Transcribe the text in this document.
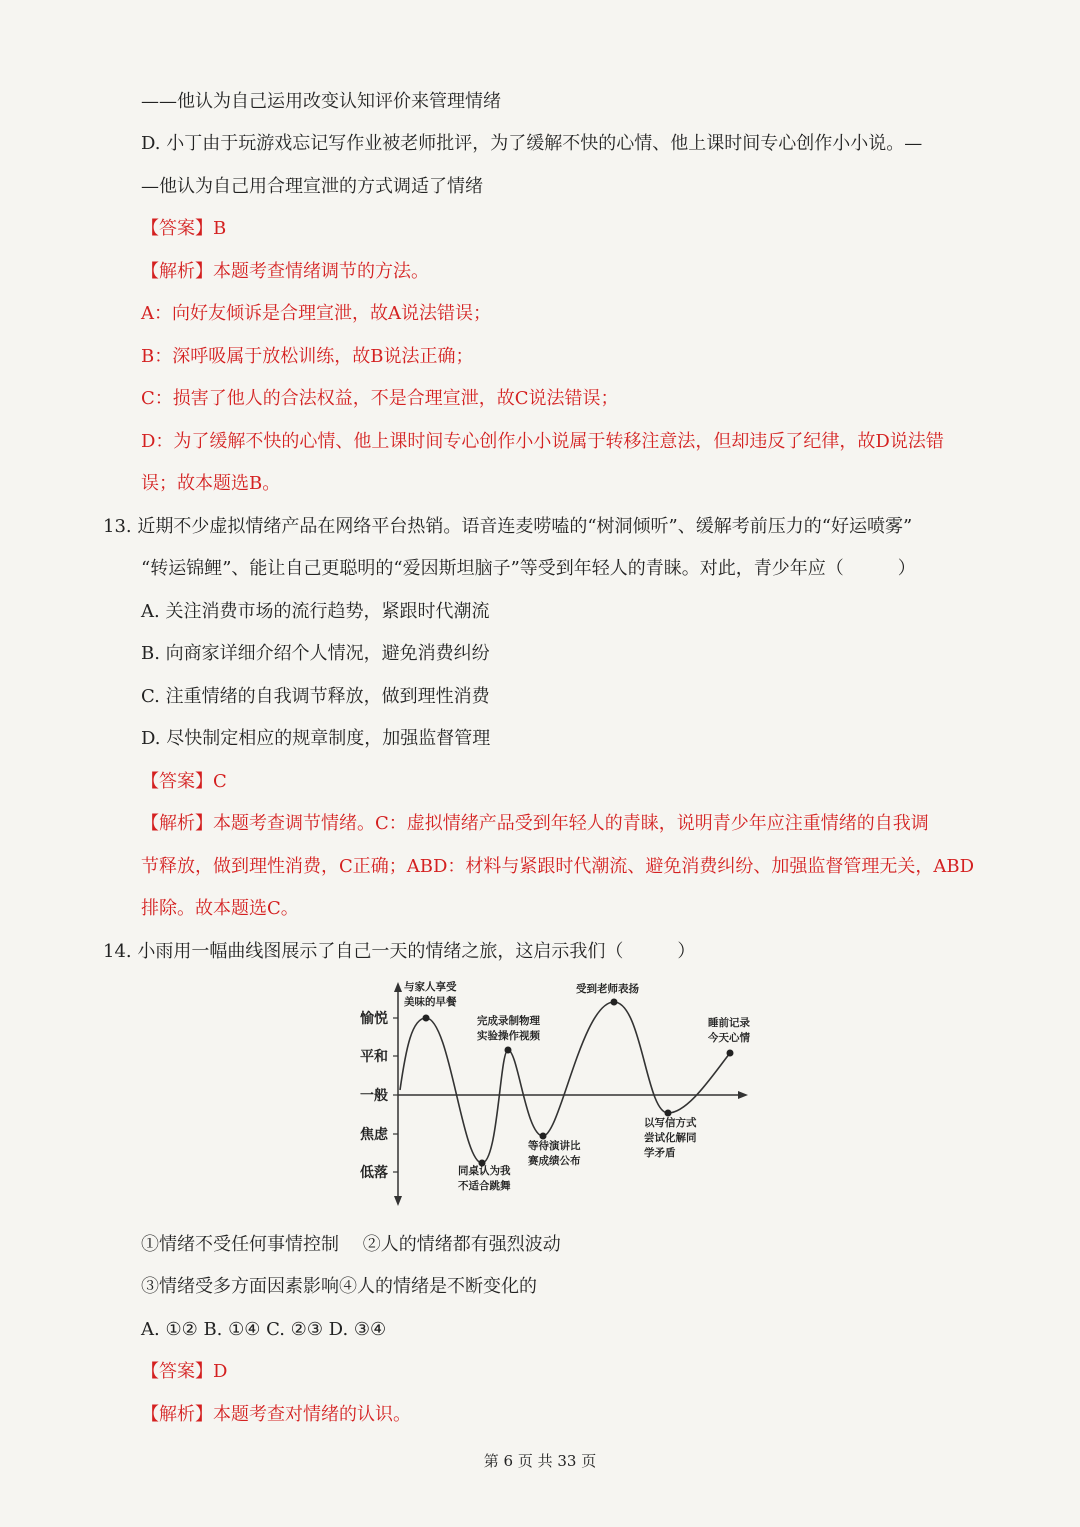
——他认为自己运用改变认知评价来管理情绪
D. 小丁由于玩游戏忘记写作业被老师批评，为了缓解不快的心情、他上课时间专心创作小小说。—
—他认为自己用合理宣泄的方式调适了情绪
【答案】B
【解析】本题考查情绪调节的方法。
A：向好友倾诉是合理宣泄，故A说法错误；
B：深呼吸属于放松训练，故B说法正确；
C：损害了他人的合法权益，不是合理宣泄，故C说法错误；
D：为了缓解不快的心情、他上课时间专心创作小小说属于转移注意法，但却违反了纪律，故D说法错
误；故本题选B。
13. 近期不少虚拟情绪产品在网络平台热销。语音连麦唠嗑的“树洞倾听”、缓解考前压力的“好运喷雾”
“转运锦鲤”、能让自己更聪明的“爱因斯坦脑子”等受到年轻人的青睐。对此，青少年应（　　　）
A. 关注消费市场的流行趋势，紧跟时代潮流
B. 向商家详细介绍个人情况，避免消费纠纷
C. 注重情绪的自我调节释放，做到理性消费
D. 尽快制定相应的规章制度，加强监督管理
【答案】C
【解析】本题考查调节情绪。C：虚拟情绪产品受到年轻人的青睐，说明青少年应注重情绪的自我调
节释放，做到理性消费，C正确；ABD：材料与紧跟时代潮流、避免消费纠纷、加强监督管理无关，ABD
排除。故本题选C。
14. 小雨用一幅曲线图展示了自己一天的情绪之旅，这启示我们（　　　）
愉悦
平和
一般
焦虑
低落
与家人享受
美味的早餐
同桌认为我
不适合跳舞
完成录制物理
实验操作视频
等待演讲比
赛成绩公布
受到老师表扬
以写信方式
尝试化解同
学矛盾
睡前记录
今天心情
①情绪不受任何事情控制　 ②人的情绪都有强烈波动
③情绪受多方面因素影响④人的情绪是不断变化的
A. ①② B. ①④ C. ②③ D. ③④
【答案】D
【解析】本题考查对情绪的认识。
第 6 页 共 33 页
